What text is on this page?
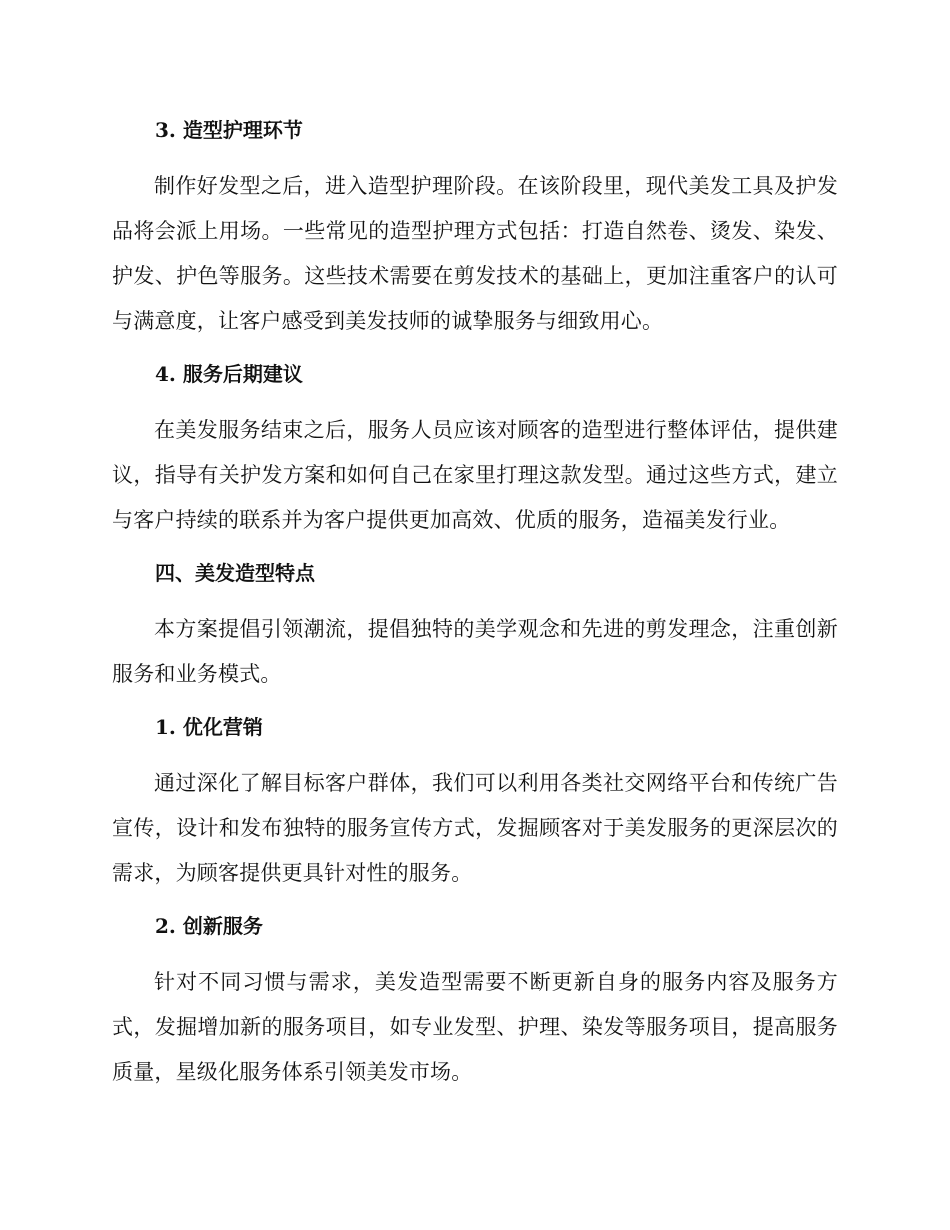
3. 造型护理环节

制作好发型之后，进入造型护理阶段。在该阶段里，现代美发工具及护发品将会派上用场。一些常见的造型护理方式包括：打造自然卷、烫发、染发、护发、护色等服务。这些技术需要在剪发技术的基础上，更加注重客户的认可与满意度，让客户感受到美发技师的诚挚服务与细致用心。

4. 服务后期建议

在美发服务结束之后，服务人员应该对顾客的造型进行整体评估，提供建议，指导有关护发方案和如何自己在家里打理这款发型。通过这些方式，建立与客户持续的联系并为客户提供更加高效、优质的服务，造福美发行业。

四、美发造型特点

本方案提倡引领潮流，提倡独特的美学观念和先进的剪发理念，注重创新服务和业务模式。

1. 优化营销

通过深化了解目标客户群体，我们可以利用各类社交网络平台和传统广告宣传，设计和发布独特的服务宣传方式，发掘顾客对于美发服务的更深层次的需求，为顾客提供更具针对性的服务。

2. 创新服务

针对不同习惯与需求，美发造型需要不断更新自身的服务内容及服务方式，发掘增加新的服务项目，如专业发型、护理、染发等服务项目，提高服务质量，星级化服务体系引领美发市场。
